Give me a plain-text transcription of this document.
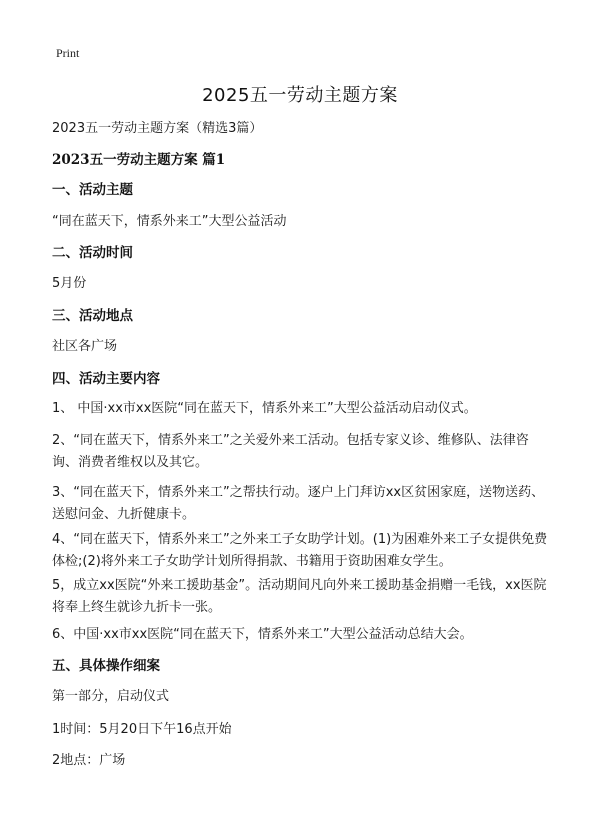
Print
2025五一劳动主题方案
2023五一劳动主题方案（精选3篇）
2023五一劳动主题方案 篇1
一、活动主题
“同在蓝天下，情系外来工”大型公益活动
二、活动时间
5月份
三、活动地点
社区各广场
四、活动主要内容
1、 中国·xx市xx医院“同在蓝天下，情系外来工”大型公益活动启动仪式。
2、“同在蓝天下，情系外来工”之关爱外来工活动。包括专家义诊、维修队、法律咨询、消费者维权以及其它。
3、“同在蓝天下，情系外来工”之帮扶行动。逐户上门拜访xx区贫困家庭，送物送药、送慰问金、九折健康卡。
4、“同在蓝天下，情系外来工”之外来工子女助学计划。(1)为困难外来工子女提供免费体检;(2)将外来工子女助学计划所得捐款、书籍用于资助困难女学生。
5，成立xx医院“外来工援助基金”。活动期间凡向外来工援助基金捐赠一毛钱，xx医院将奉上终生就诊九折卡一张。
6、中国·xx市xx医院“同在蓝天下，情系外来工”大型公益活动总结大会。
五、具体操作细案
第一部分，启动仪式
1时间：5月20日下午16点开始
2地点：广场
